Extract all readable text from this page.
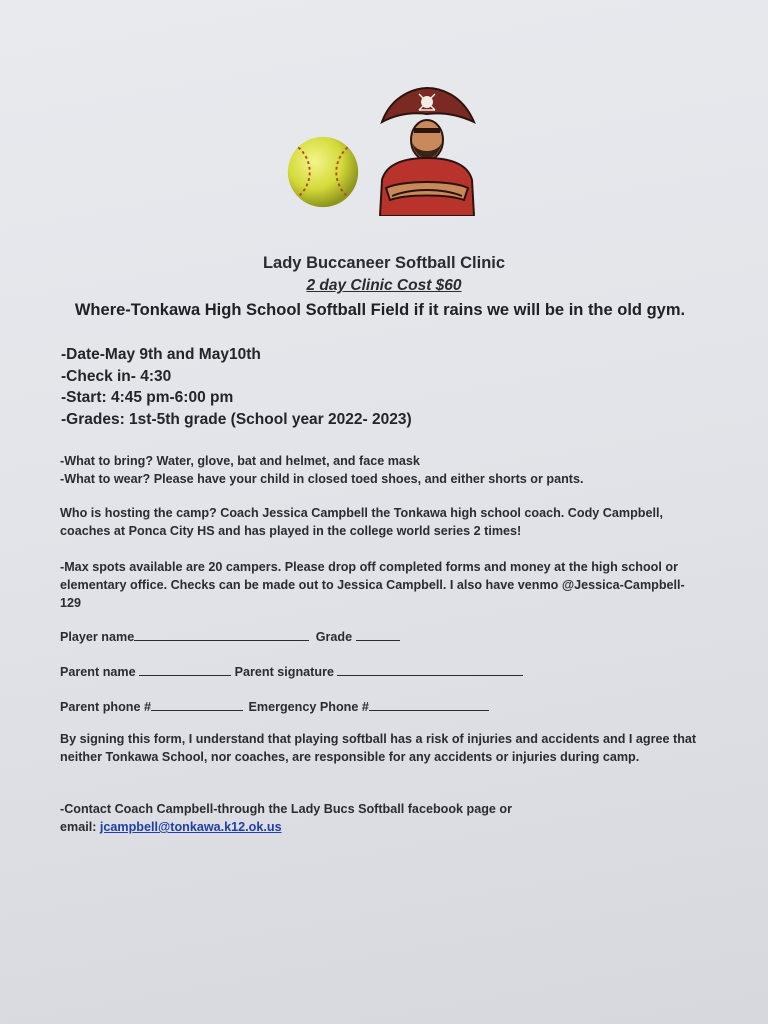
Lady Buccaneer Softball Clinic
2 day Clinic Cost $60
Where-Tonkawa High School Softball Field if it rains we will be in the old gym.
-Date-May 9th and May10th
-Check in- 4:30
-Start: 4:45 pm-6:00 pm
-Grades: 1st-5th grade (School year 2022- 2023)
-What to bring? Water, glove, bat and helmet, and face mask
-What to wear? Please have your child in closed toed shoes, and either shorts or pants.
Who is hosting the camp? Coach Jessica Campbell the Tonkawa high school coach. Cody Campbell, coaches at Ponca City HS and has played in the college world series 2 times!
-Max spots available are 20 campers. Please drop off completed forms and money at the high school or elementary office. Checks can be made out to Jessica Campbell. I also have venmo @Jessica-Campbell-129
Player name	Grade
Parent name	Parent signature
Parent phone #	Emergency Phone #
By signing this form, I understand that playing softball has a risk of injuries and accidents and I agree that neither Tonkawa School, nor coaches, are responsible for any accidents or injuries during camp.
-Contact Coach Campbell-through the Lady Bucs Softball facebook page or
email: jcampbell@tonkawa.k12.ok.us
